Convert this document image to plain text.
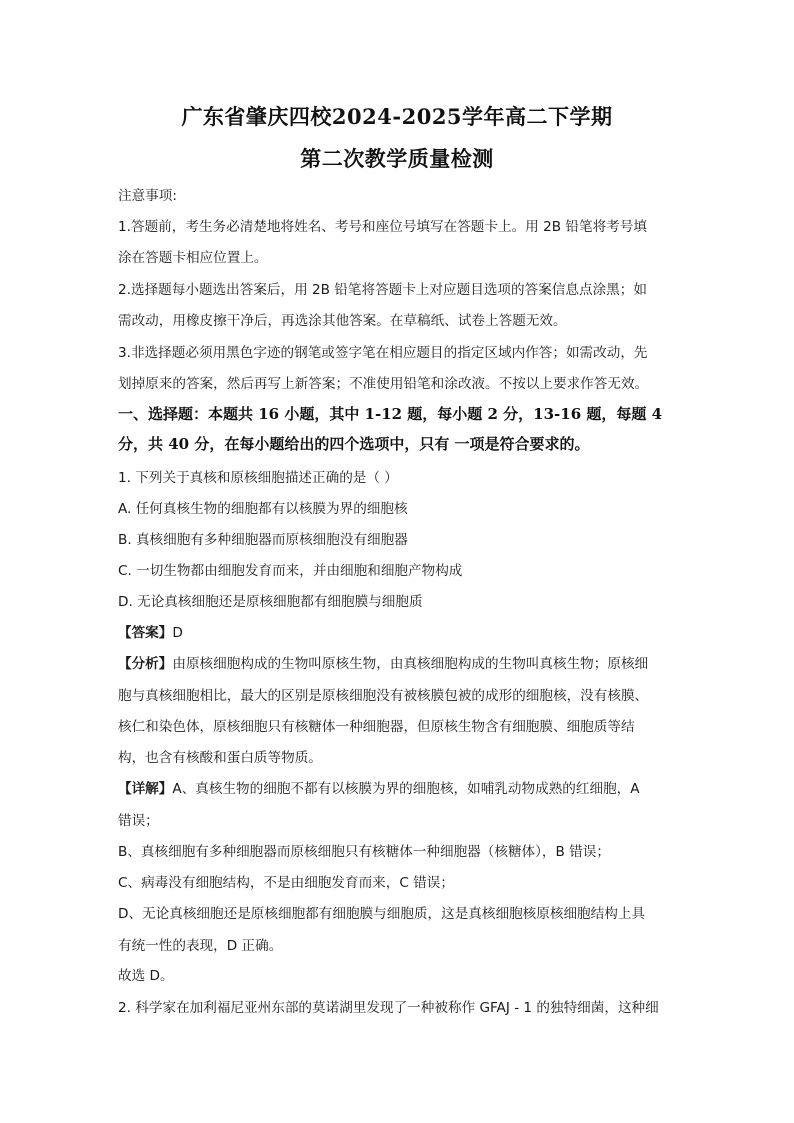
广东省肇庆四校2024-2025学年高二下学期
第二次教学质量检测
注意事项:
1.答题前，考生务必清楚地将姓名、考号和座位号填写在答题卡上。用 2B 铅笔将考号填
涂在答题卡相应位置上。
2.选择题每小题选出答案后，用 2B 铅笔将答题卡上对应题目选项的答案信息点涂黑；如
需改动，用橡皮擦干净后，再选涂其他答案。在草稿纸、试卷上答题无效。
3.非选择题必须用黑色字迹的钢笔或签字笔在相应题目的指定区域内作答；如需改动，先
划掉原来的答案，然后再写上新答案；不准使用铅笔和涂改液。不按以上要求作答无效。
一、选择题：本题共 16 小题，其中 1-12 题，每小题 2 分，13-16 题，每题 4
分，共 40 分，在每小题给出的四个选项中，只有 一项是符合要求的。
1. 下列关于真核和原核细胞描述正确的是（ ）
A. 任何真核生物的细胞都有以核膜为界的细胞核
B. 真核细胞有多种细胞器而原核细胞没有细胞器
C. 一切生物都由细胞发育而来，并由细胞和细胞产物构成
D. 无论真核细胞还是原核细胞都有细胞膜与细胞质
【答案】D
【分析】由原核细胞构成的生物叫原核生物，由真核细胞构成的生物叫真核生物；原核细
胞与真核细胞相比，最大的区别是原核细胞没有被核膜包被的成形的细胞核，没有核膜、
核仁和染色体，原核细胞只有核糖体一种细胞器，但原核生物含有细胞膜、细胞质等结
构，也含有核酸和蛋白质等物质。
【详解】A、真核生物的细胞不都有以核膜为界的细胞核，如哺乳动物成熟的红细胞，A
错误；
B、真核细胞有多种细胞器而原核细胞只有核糖体一种细胞器（核糖体），B 错误；
C、病毒没有细胞结构，不是由细胞发育而来，C 错误；
D、无论真核细胞还是原核细胞都有细胞膜与细胞质，这是真核细胞核原核细胞结构上具
有统一性的表现，D 正确。
故选 D。
2. 科学家在加利福尼亚州东部的莫诺湖里发现了一种被称作 GFAJ - 1 的独特细菌，这种细
